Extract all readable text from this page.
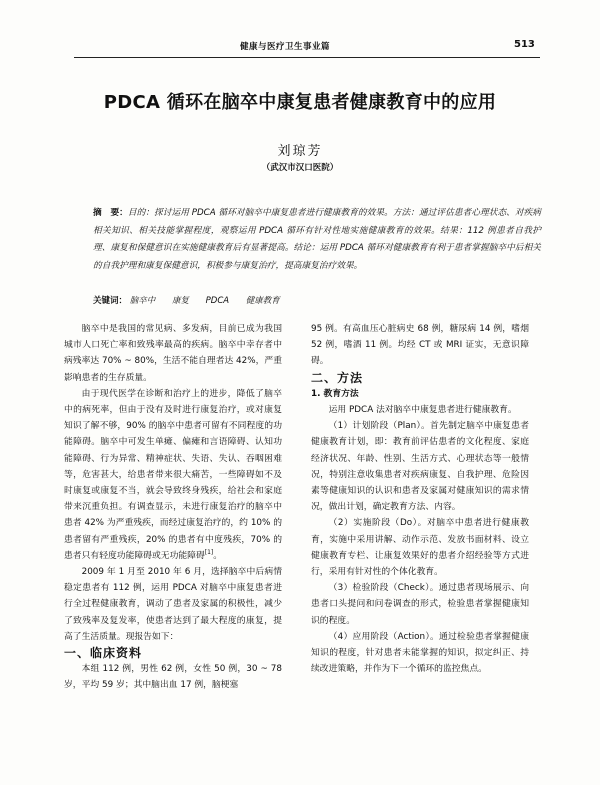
健康与医疗卫生事业篇	513
PDCA 循环在脑卒中康复患者健康教育中的应用
刘琼芳
（武汉市汉口医院）
摘　要：目的：探讨运用 PDCA 循环对脑卒中康复患者进行健康教育的效果。方法：通过评估患者心理状态、对疾病相关知识、相关技能掌握程度，观察运用 PDCA 循环有针对性地实施健康教育的效果。结果：112 例患者自我护理、康复和保健意识在实施健康教育后有显著提高。结论：运用 PDCA 循环对健康教育有利于患者掌握脑卒中后相关的自我护理和康复保健意识，积极参与康复治疗，提高康复治疗效果。
关键词： 脑卒中 康复 PDCA 健康教育

脑卒中是我国的常见病、多发病，目前已成为我国城市人口死亡率和致残率最高的疾病。脑卒中幸存者中病残率达 70% ~ 80%，生活不能自理者达 42%，严重影响患者的生存质量。

由于现代医学在诊断和治疗上的进步，降低了脑卒中的病死率，但由于没有及时进行康复治疗，或对康复知识了解不够，90% 的脑卒中患者可留有不同程度的功能障碍。脑卒中可发生单瘫、偏瘫和言语障碍、认知功能障碍、行为异常、精神症状、失语、失认、吞咽困难等，危害甚大，给患者带来很大痛苦，一些障碍如不及时康复或康复不当，就会导致终身残疾，给社会和家庭带来沉重负担。有调查显示，未进行康复治疗的脑卒中患者 42% 为严重残疾，而经过康复治疗的，约 10% 的患者留有严重残疾，20% 的患者有中度残疾，70% 的患者只有轻度功能障碍或无功能障碍[1]。

2009 年 1 月至 2010 年 6 月，选择脑卒中后病情稳定患者有 112 例，运用 PDCA 对脑卒中康复患者进行全过程健康教育，调动了患者及家属的积极性，减少了致残率及复发率，使患者达到了最大程度的康复，提高了生活质量。现报告如下：

一、临床资料

本组 112 例，男性 62 例，女性 50 例，30 ~ 78 岁，平均 59 岁；其中脑出血 17 例，脑梗塞

95 例。有高血压心脏病史 68 例，糖尿病 14 例，嗜烟 52 例，嗜酒 11 例。均经 CT 或 MRI 证实，无意识障碍。

二、方法

1. 教育方法

运用 PDCA 法对脑卒中康复患者进行健康教育。

（1）计划阶段（Plan）。首先制定脑卒中康复患者健康教育计划，即：教育前评估患者的文化程度、家庭经济状况、年龄、性别、生活方式、心理状态等一般情况，特别注意收集患者对疾病康复、自我护理、危险因素等健康知识的认识和患者及家属对健康知识的需求情况，做出计划，确定教育方法、内容。

（2）实施阶段（Do）。对脑卒中患者进行健康教育，实施中采用讲解、动作示范、发放书面材料、设立健康教育专栏、让康复效果好的患者介绍经验等方式进行，采用有针对性的个体化教育。

（3）检验阶段（Check）。通过患者现场展示、向患者口头提问和问卷调查的形式，检验患者掌握健康知识的程度。

（4）应用阶段（Action）。通过检验患者掌握健康知识的程度，针对患者未能掌握的知识，拟定纠正、持续改进策略，并作为下一个循环的监控焦点。
